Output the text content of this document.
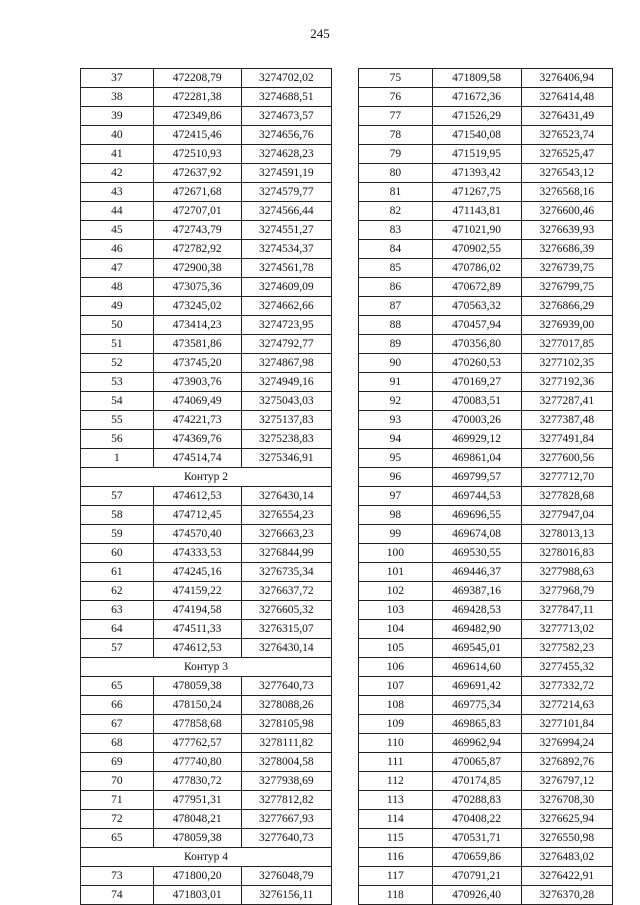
245
37	472208,79	3274702,02
38	472281,38	3274688,51
39	472349,86	3274673,57
40	472415,46	3274656,76
41	472510,93	3274628,23
42	472637,92	3274591,19
43	472671,68	3274579,77
44	472707,01	3274566,44
45	472743,79	3274551,27
46	472782,92	3274534,37
47	472900,38	3274561,78
48	473075,36	3274609,09
49	473245,02	3274662,66
50	473414,23	3274723,95
51	473581,86	3274792,77
52	473745,20	3274867,98
53	473903,76	3274949,16
54	474069,49	3275043,03
55	474221,73	3275137,83
56	474369,76	3275238,83
1	474514,74	3275346,91
Контур 2		
57	474612,53	3276430,14
58	474712,45	3276554,23
59	474570,40	3276663,23
60	474333,53	3276844,99
61	474245,16	3276735,34
62	474159,22	3276637,72
63	474194,58	3276605,32
64	474511,33	3276315,07
57	474612,53	3276430,14
Контур 3		
65	478059,38	3277640,73
66	478150,24	3278088,26
67	477858,68	3278105,98
68	477762,57	3278111,82
69	477740,80	3278004,58
70	477830,72	3277938,69
71	477951,31	3277812,82
72	478048,21	3277667,93
65	478059,38	3277640,73
Контур 4		
73	471800,20	3276048,79
74	471803,01	3276156,11
75	471809,58	3276406,94
76	471672,36	3276414,48
77	471526,29	3276431,49
78	471540,08	3276523,74
79	471519,95	3276525,47
80	471393,42	3276543,12
81	471267,75	3276568,16
82	471143,81	3276600,46
83	471021,90	3276639,93
84	470902,55	3276686,39
85	470786,02	3276739,75
86	470672,89	3276799,75
87	470563,32	3276866,29
88	470457,94	3276939,00
89	470356,80	3277017,85
90	470260,53	3277102,35
91	470169,27	3277192,36
92	470083,51	3277287,41
93	470003,26	3277387,48
94	469929,12	3277491,84
95	469861,04	3277600,56
96	469799,57	3277712,70
97	469744,53	3277828,68
98	469696,55	3277947,04
99	469674,08	3278013,13
100	469530,55	3278016,83
101	469446,37	3277988,63
102	469387,16	3277968,79
103	469428,53	3277847,11
104	469482,90	3277713,02
105	469545,01	3277582,23
106	469614,60	3277455,32
107	469691,42	3277332,72
108	469775,34	3277214,63
109	469865,83	3277101,84
110	469962,94	3276994,24
111	470065,87	3276892,76
112	470174,85	3276797,12
113	470288,83	3276708,30
114	470408,22	3276625,94
115	470531,71	3276550,98
116	470659,86	3276483,02
117	470791,21	3276422,91
118	470926,40	3276370,28
